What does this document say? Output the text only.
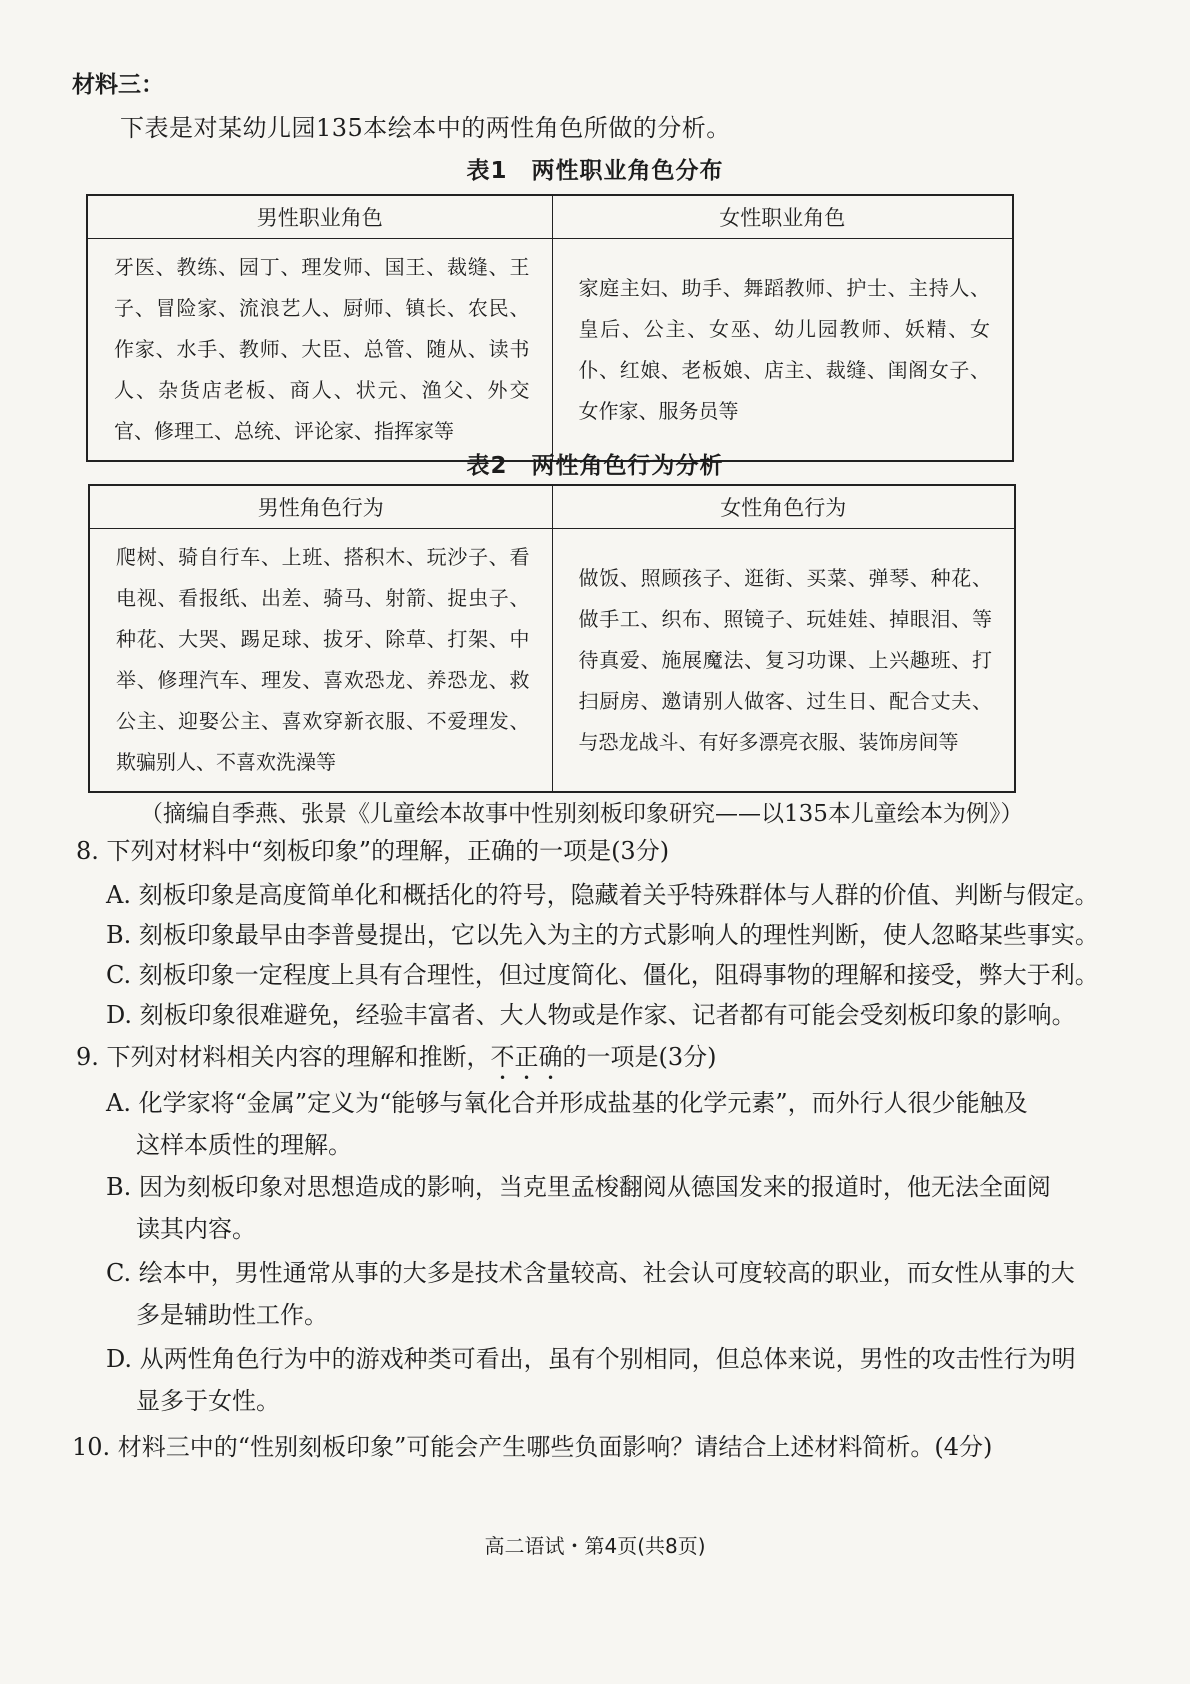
材料三：
下表是对某幼儿园135本绘本中的两性角色所做的分析。
表1　两性职业角色分布
男性职业角色	女性职业角色
牙医、教练、园丁、理发师、国王、裁缝、王子、冒险家、流浪艺人、厨师、镇长、农民、作家、水手、教师、大臣、总管、随从、读书人、杂货店老板、商人、状元、渔父、外交官、修理工、总统、评论家、指挥家等	家庭主妇、助手、舞蹈教师、护士、主持人、皇后、公主、女巫、幼儿园教师、妖精、女仆、红娘、老板娘、店主、裁缝、闺阁女子、女作家、服务员等
表2　两性角色行为分析
男性角色行为	女性角色行为
爬树、骑自行车、上班、搭积木、玩沙子、看电视、看报纸、出差、骑马、射箭、捉虫子、种花、大哭、踢足球、拔牙、除草、打架、中举、修理汽车、理发、喜欢恐龙、养恐龙、救公主、迎娶公主、喜欢穿新衣服、不爱理发、欺骗别人、不喜欢洗澡等	做饭、照顾孩子、逛街、买菜、弹琴、种花、做手工、织布、照镜子、玩娃娃、掉眼泪、等待真爱、施展魔法、复习功课、上兴趣班、打扫厨房、邀请别人做客、过生日、配合丈夫、与恐龙战斗、有好多漂亮衣服、装饰房间等
（摘编自季燕、张景《儿童绘本故事中性别刻板印象研究——以135本儿童绘本为例》）
8. 下列对材料中“刻板印象”的理解，正确的一项是(3分)
A. 刻板印象是高度简单化和概括化的符号，隐藏着关乎特殊群体与人群的价值、判断与假定。
B. 刻板印象最早由李普曼提出，它以先入为主的方式影响人的理性判断，使人忽略某些事实。
C. 刻板印象一定程度上具有合理性，但过度简化、僵化，阻碍事物的理解和接受，弊大于利。
D. 刻板印象很难避免，经验丰富者、大人物或是作家、记者都有可能会受刻板印象的影响。
9. 下列对材料相关内容的理解和推断，不正确的一项是(3分)
A. 化学家将“金属”定义为“能够与氧化合并形成盐基的化学元素”，而外行人很少能触及
这样本质性的理解。
B. 因为刻板印象对思想造成的影响，当克里孟梭翻阅从德国发来的报道时，他无法全面阅
读其内容。
C. 绘本中，男性通常从事的大多是技术含量较高、社会认可度较高的职业，而女性从事的大
多是辅助性工作。
D. 从两性角色行为中的游戏种类可看出，虽有个别相同，但总体来说，男性的攻击性行为明
显多于女性。
10. 材料三中的“性别刻板印象”可能会产生哪些负面影响？请结合上述材料简析。(4分)
高二语试・第4页(共8页)
